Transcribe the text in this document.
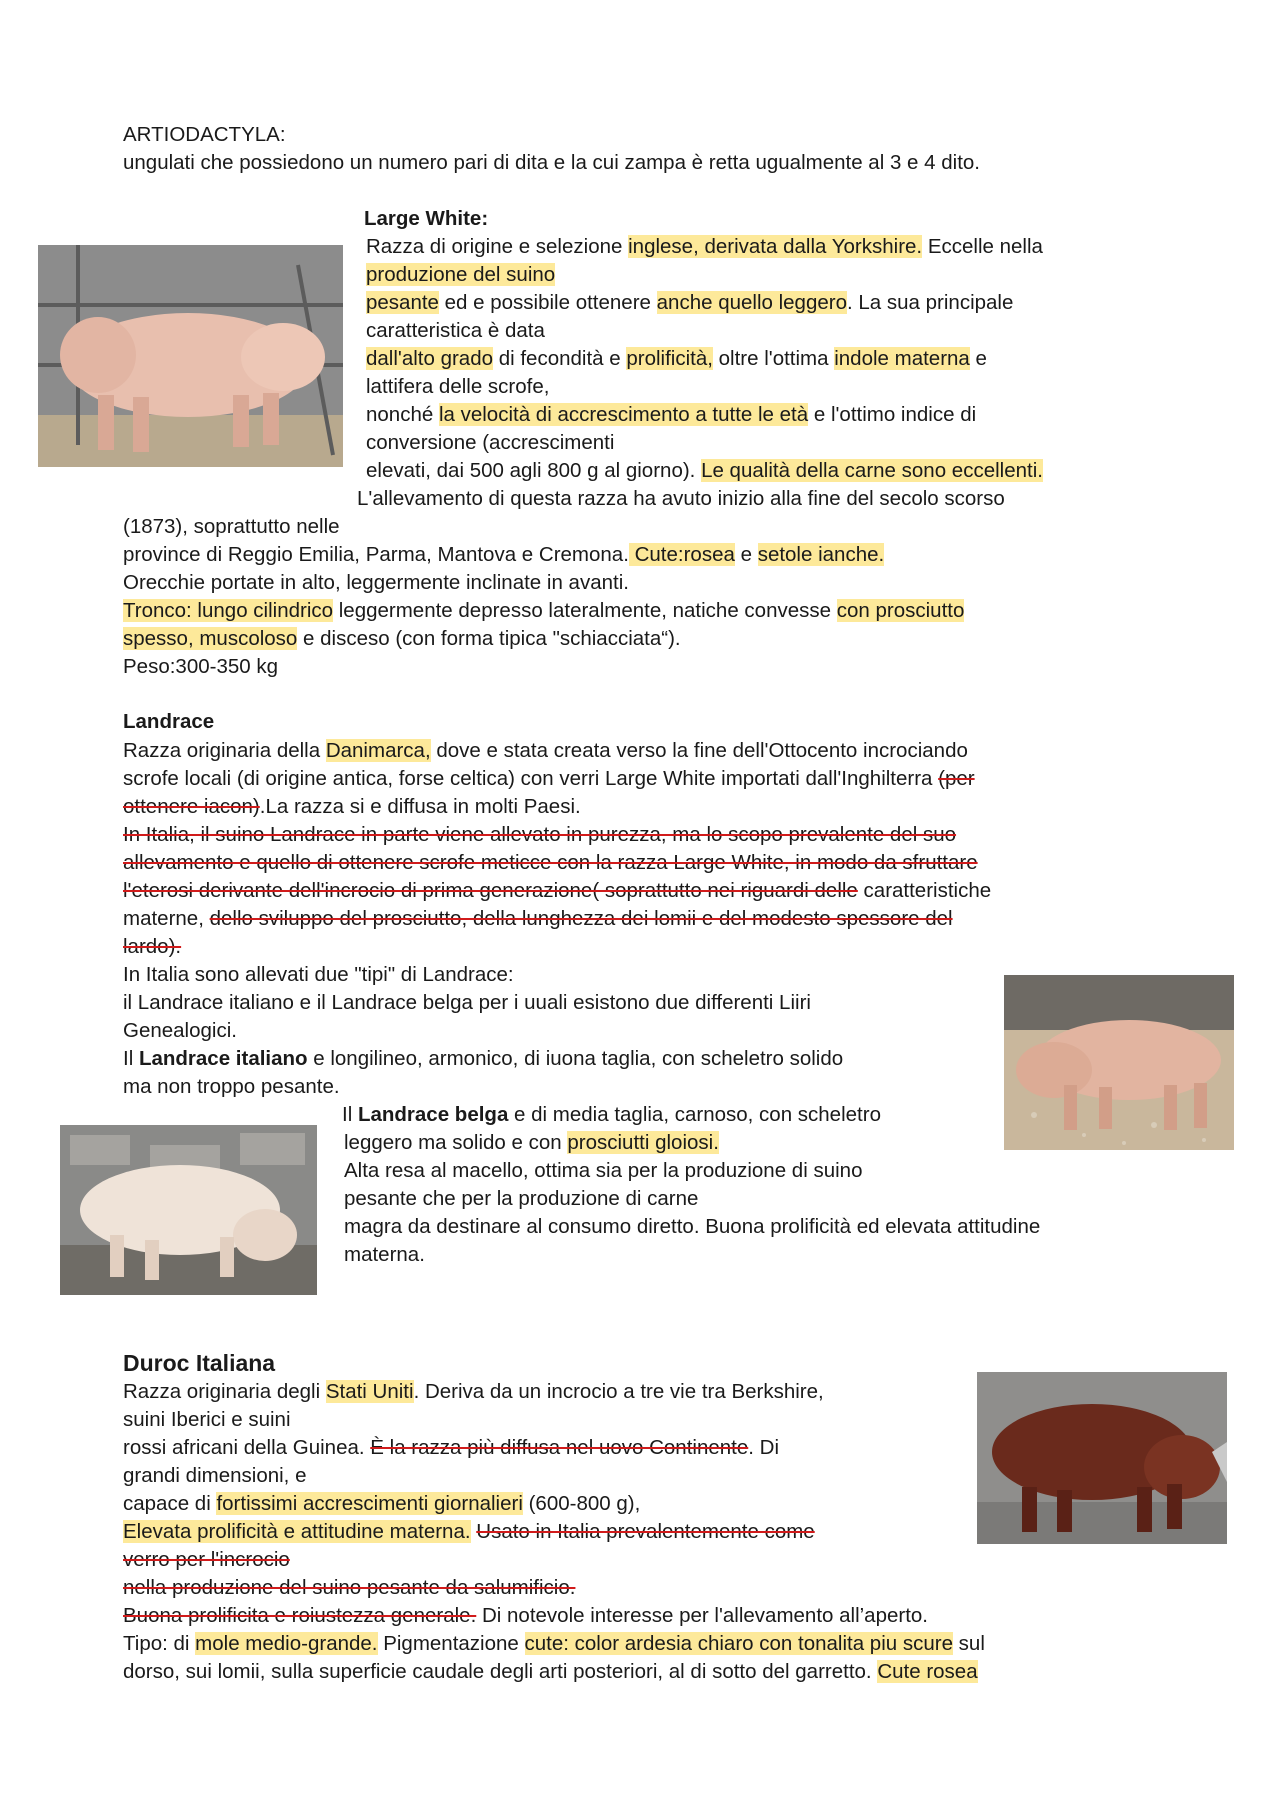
ARTIODACTYLA:
ungulati che possiedono un numero pari di dita e la cui zampa è retta ugualmente al 3 e 4 dito.
Large White:
Razza di origine e selezione inglese, derivata dalla Yorkshire. Eccelle nella
produzione del suino
pesante ed e possibile ottenere anche quello leggero. La sua principale
caratteristica è data
dall'alto grado di fecondità e prolificità, oltre l'ottima indole materna e
lattifera delle scrofe,
nonché la velocità di accrescimento a tutte le età e l'ottimo indice di
conversione (accrescimenti
elevati, dai 500 agli 800 g al giorno). Le qualità della carne sono eccellenti.
L'allevamento di questa razza ha avuto inizio alla fine del secolo scorso
(1873), soprattutto nelle
province di Reggio Emilia, Parma, Mantova e Cremona. Cute:rosea e setole ianche.
Orecchie portate in alto, leggermente inclinate in avanti.
Tronco: lungo cilindrico leggermente depresso lateralmente, natiche convesse con prosciutto
spesso, muscoloso e disceso (con forma tipica "schiacciata“).
Peso:300-350 kg
Landrace
Razza originaria della Danimarca, dove e stata creata verso la fine dell'Ottocento incrociando
scrofe locali (di origine antica, forse celtica) con verri Large White importati dall'Inghilterra (per
ottenere iacon).La razza si e diffusa in molti Paesi.
In Italia, il suino Landrace in parte viene allevato in purezza, ma lo scopo prevalente del suo
allevamento e quello di ottenere scrofe meticce con la razza Large White, in modo da sfruttare
l'eterosi derivante dell'incrocio di prima generazione( soprattutto nei riguardi delle caratteristiche
materne, dello sviluppo del prosciutto, della lunghezza dei lomii e del modesto spessore del
lardo).
In Italia sono allevati due "tipi" di Landrace:
il Landrace italiano e il Landrace belga per i uuali esistono due differenti Liiri
Genealogici.
Il Landrace italiano e longilineo, armonico, di iuona taglia, con scheletro solido
ma non troppo pesante.
Il Landrace belga e di media taglia, carnoso, con scheletro
leggero ma solido e con prosciutti gloiosi.
Alta resa al macello, ottima sia per la produzione di suino
pesante che per la produzione di carne
magra da destinare al consumo diretto. Buona prolificità ed elevata attitudine
materna.
Duroc Italiana
Razza originaria degli Stati Uniti. Deriva da un incrocio a tre vie tra Berkshire,
suini Iberici e suini
rossi africani della Guinea. È la razza più diffusa nel uovo Continente. Di
grandi dimensioni, e
capace di fortissimi accrescimenti giornalieri (600-800 g),
Elevata prolificità e attitudine materna. Usato in Italia prevalentemente come
verro per l'incrocio
nella produzione del suino pesante da salumificio.
Buona prolificita e roiustezza generale. Di notevole interesse per l'allevamento all’aperto.
Tipo: di mole medio-grande. Pigmentazione cute: color ardesia chiaro con tonalita piu scure sul
dorso, sui lomii, sulla superficie caudale degli arti posteriori, al di sotto del garretto. Cute rosea
